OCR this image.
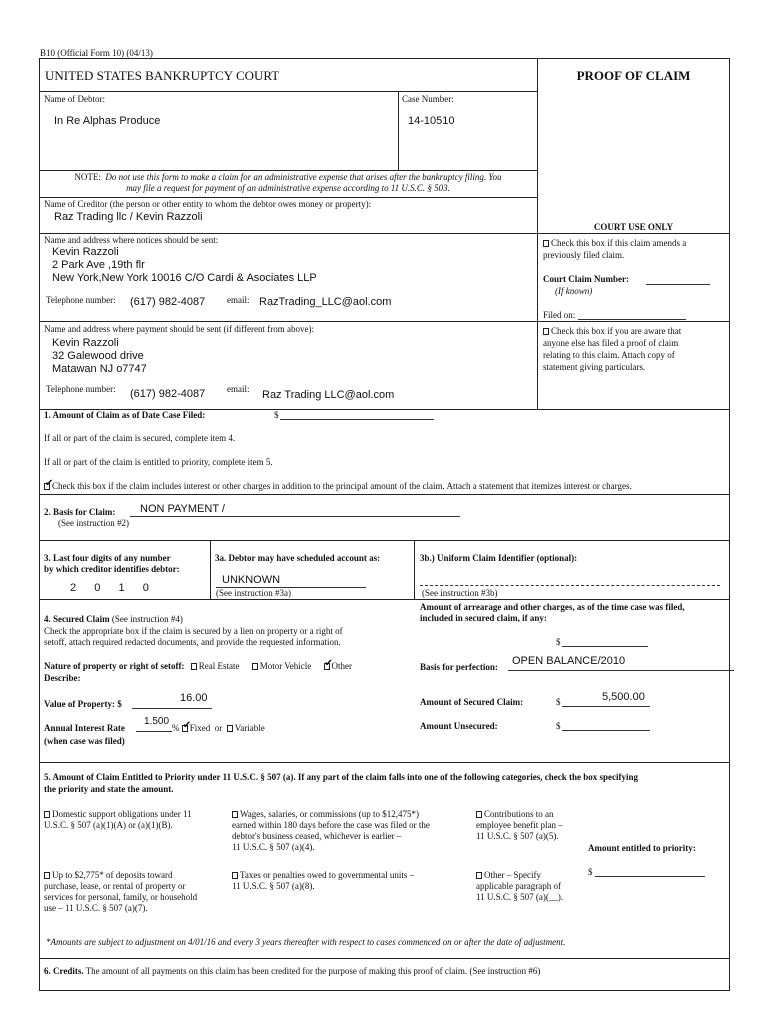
B10 (Official Form 10) (04/13)
UNITED STATES BANKRUPTCY COURT	PROOF OF CLAIM
Name of Debtor:
In Re Alphas Produce
Case Number:
14-10510
NOTE: Do not use this form to make a claim for an administrative expense that arises after the bankruptcy filing. You
may file a request for payment of an administrative expense according to 11 U.S.C. § 503.
Name of Creditor (the person or other entity to whom the debtor owes money or property):
Raz Trading llc / Kevin Razzoli
COURT USE ONLY
Name and address where notices should be sent:
Kevin Razzoli
2 Park Ave ,19th flr
New York,New York 10016 C/O Cardi & Asociates LLP
Telephone number: (617) 982-4087 email: RazTrading_LLC@aol.com
Check this box if this claim amends a
previously filed claim.
Court Claim Number:
(If known)
Filed on:
Name and address where payment should be sent (if different from above):
Kevin Razzoli
32 Galewood drive
Matawan NJ o7747
Telephone number: (617) 982-4087 email: Raz Trading LLC@aol.com
Check this box if you are aware that
anyone else has filed a proof of claim
relating to this claim. Attach copy of
statement giving particulars.
1. Amount of Claim as of Date Case Filed:	$
If all or part of the claim is secured, complete item 4.
If all or part of the claim is entitled to priority, complete item 5.
✔Check this box if the claim includes interest or other charges in addition to the principal amount of the claim. Attach a statement that itemizes interest or charges.
2. Basis for Claim: NON PAYMENT /
(See instruction #2)
3. Last four digits of any number
by which creditor identifies debtor:
2  0  1  0
3a. Debtor may have scheduled account as:
UNKNOWN
(See instruction #3a)
3b.) Uniform Claim Identifier (optional):
(See instruction #3b)
4. Secured Claim (See instruction #4)
Check the appropriate box if the claim is secured by a lien on property or a right of
setoff, attach required redacted documents, and provide the requested information.
Nature of property or right of setoff: Real Estate Motor Vehicle ✔ Other
Describe:
Value of Property: $	16.00
Annual Interest Rate
1.500
% ✔ Fixed or Variable
(when case was filed)
Amount of arrearage and other charges, as of the time case was filed,
included in secured claim, if any:
$
Basis for perfection: OPEN BALANCE/2010
Amount of Secured Claim:	$	5,500.00
Amount Unsecured:	$
5. Amount of Claim Entitled to Priority under 11 U.S.C. § 507 (a). If any part of the claim falls into one of the following categories, check the box specifying
the priority and state the amount.
Domestic support obligations under 11
U.S.C. § 507 (a)(1)(A) or (a)(1)(B).
Wages, salaries, or commissions (up to $12,475*)
earned within 180 days before the case was filed or the
debtor's business ceased, whichever is earlier –
11 U.S.C. § 507 (a)(4).
Contributions to an
employee benefit plan –
11 U.S.C. § 507 (a)(5).
Amount entitled to priority:
Up to $2,775* of deposits toward
purchase, lease, or rental of property or
services for personal, family, or household
use – 11 U.S.C. § 507 (a)(7).
Taxes or penalties owed to governmental units –
11 U.S.C. § 507 (a)(8).
Other – Specify
applicable paragraph of
11 U.S.C. § 507 (a)(__).
$
*Amounts are subject to adjustment on 4/01/16 and every 3 years thereafter with respect to cases commenced on or after the date of adjustment.
6. Credits. The amount of all payments on this claim has been credited for the purpose of making this proof of claim. (See instruction #6)
